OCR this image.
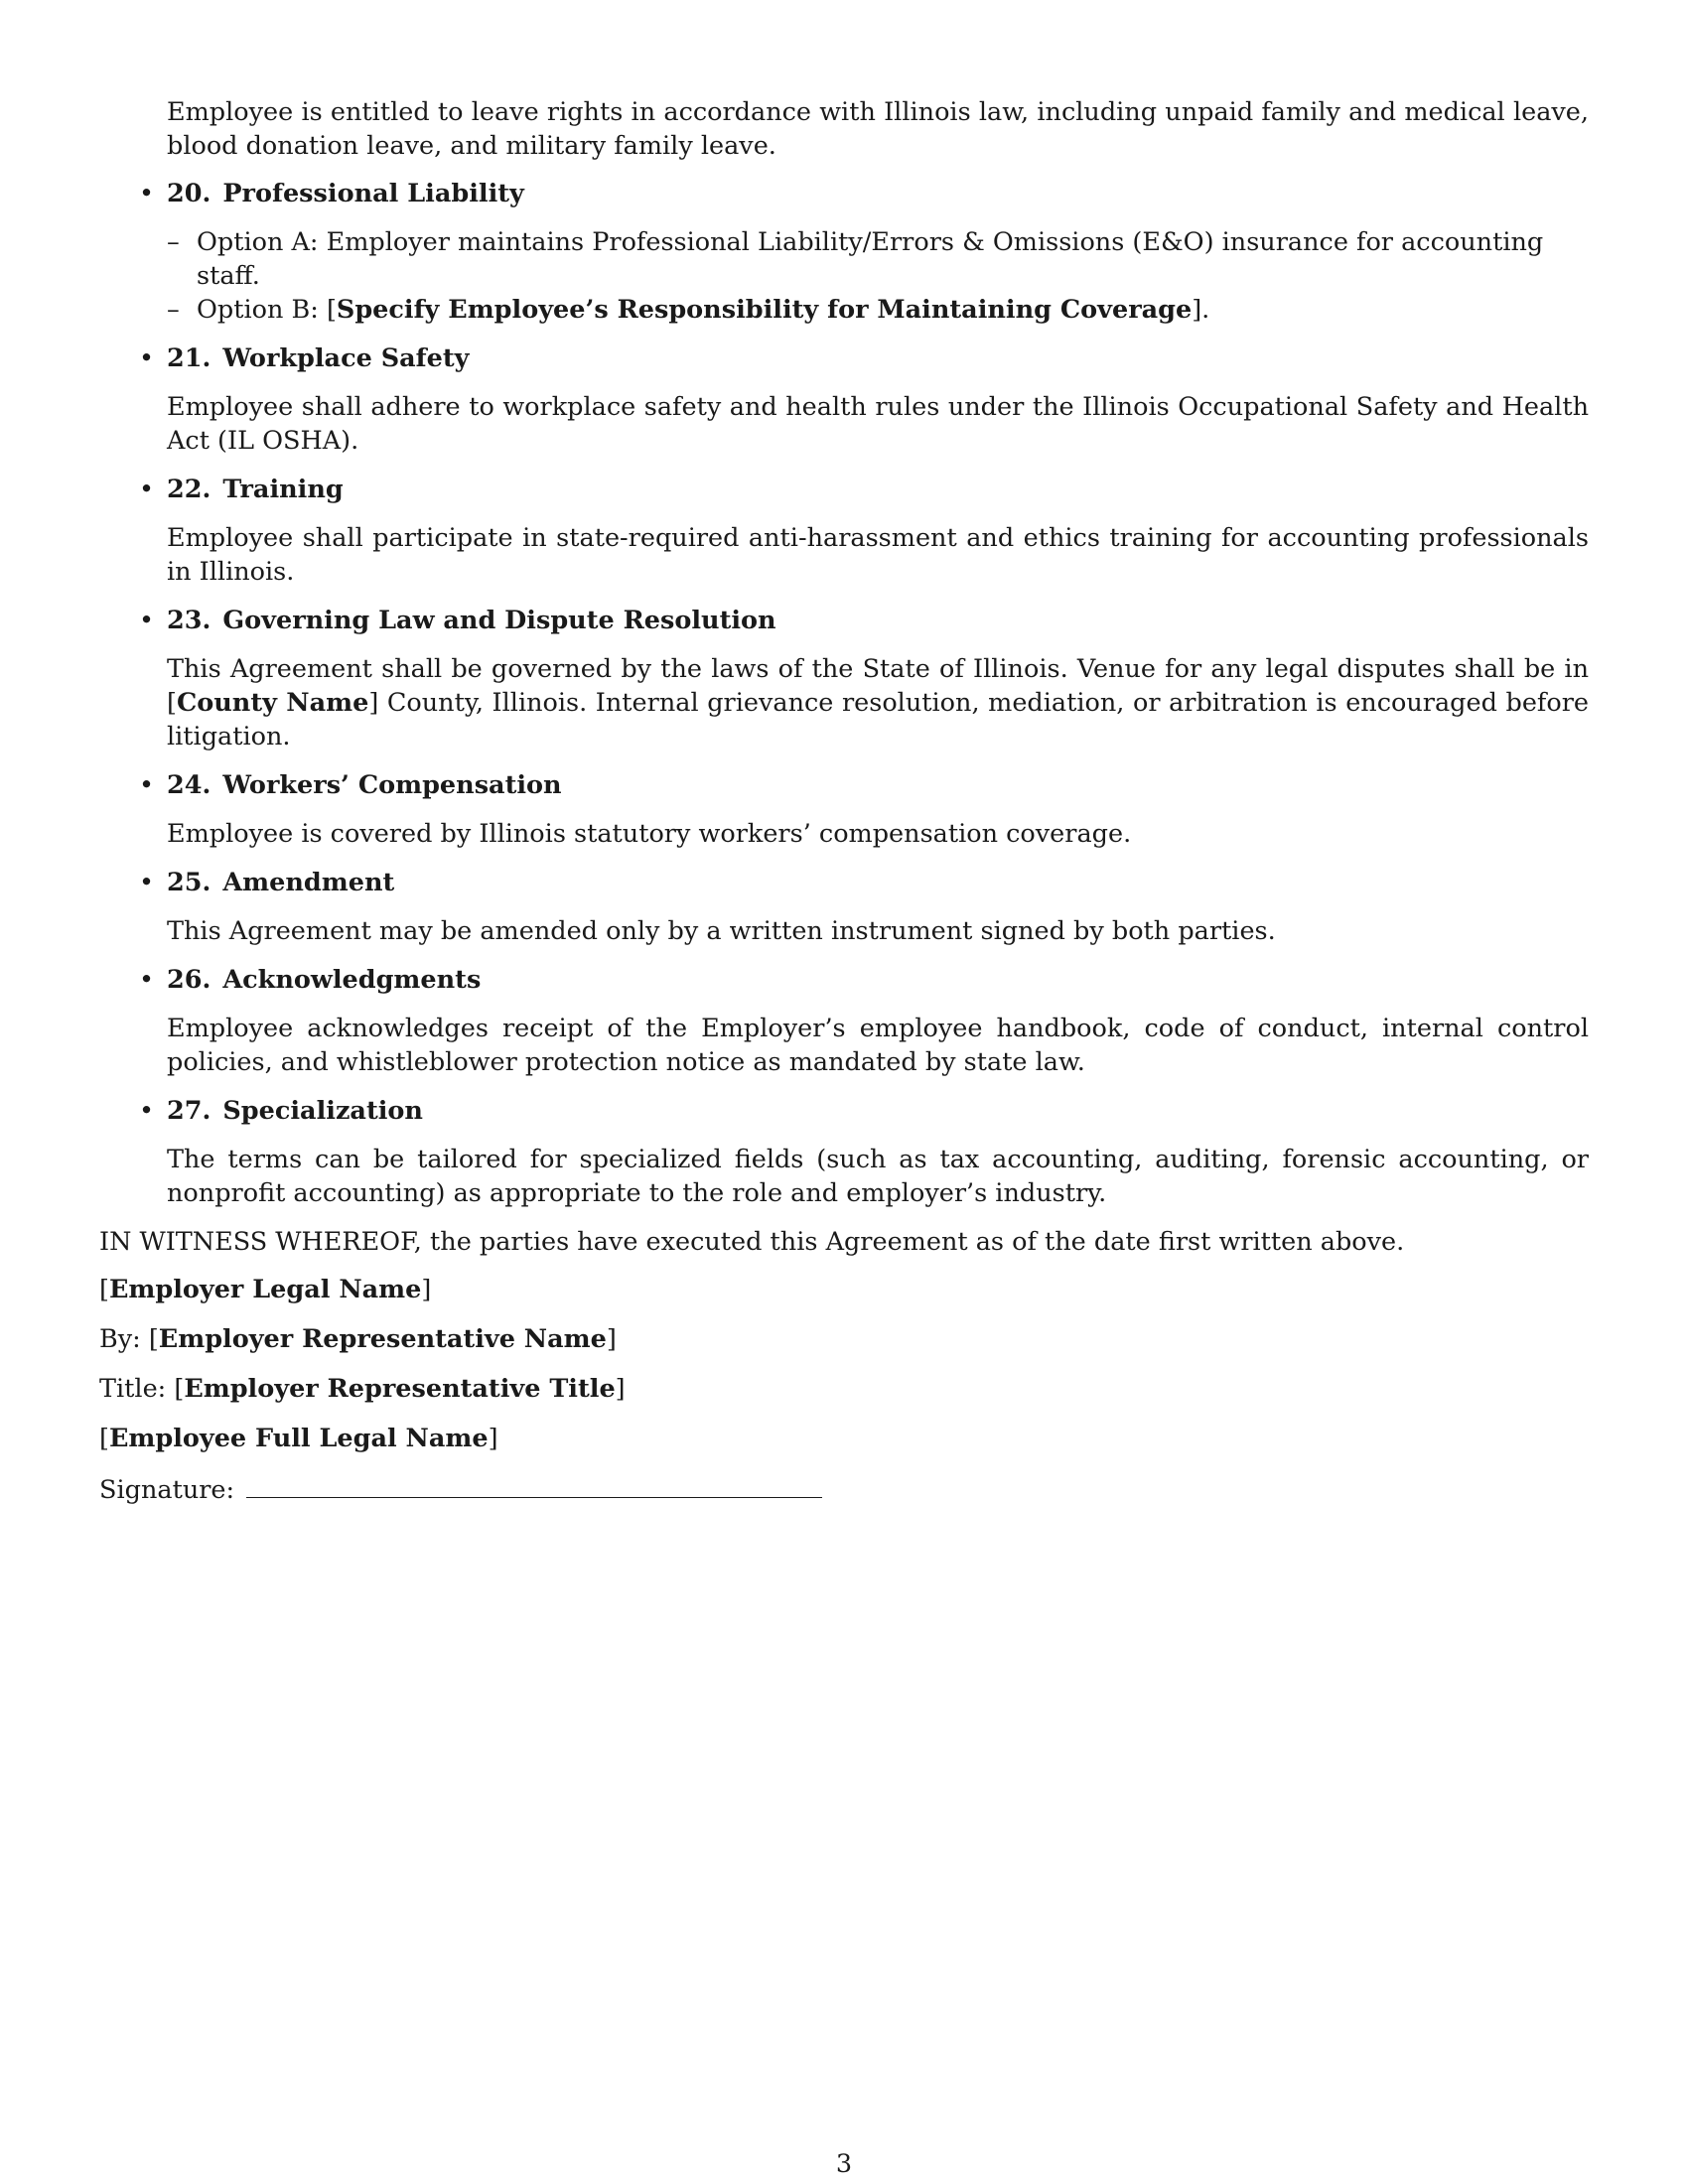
Employee is entitled to leave rights in accordance with Illinois law, including unpaid family and medical leave, blood donation leave, and military family leave.

• 20. Professional Liability
– Option A: Employer maintains Professional Liability/Errors & Omissions (E&O) insurance for accounting staff.
– Option B: [Specify Employee’s Responsibility for Maintaining Coverage].
• 21. Workplace Safety

Employee shall adhere to workplace safety and health rules under the Illinois Occupational Safety and Health Act (IL OSHA).

• 22. Training

Employee shall participate in state-required anti-harassment and ethics training for accounting professionals in Illinois.

• 23. Governing Law and Dispute Resolution

This Agreement shall be governed by the laws of the State of Illinois. Venue for any legal disputes shall be in [County Name] County, Illinois. Internal grievance resolution, mediation, or arbitration is encouraged before litigation.

• 24. Workers’ Compensation

Employee is covered by Illinois statutory workers’ compensation coverage.

• 25. Amendment

This Agreement may be amended only by a written instrument signed by both parties.

• 26. Acknowledgments

Employee acknowledges receipt of the Employer’s employee handbook, code of conduct, internal control policies, and whistleblower protection notice as mandated by state law.

• 27. Specialization

The terms can be tailored for specialized fields (such as tax accounting, auditing, forensic accounting, or nonprofit accounting) as appropriate to the role and employer’s industry.

IN WITNESS WHEREOF, the parties have executed this Agreement as of the date first written above.

[Employer Legal Name]
By: [Employer Representative Name]
Title: [Employer Representative Title]
[Employee Full Legal Name]
Signature:
3
